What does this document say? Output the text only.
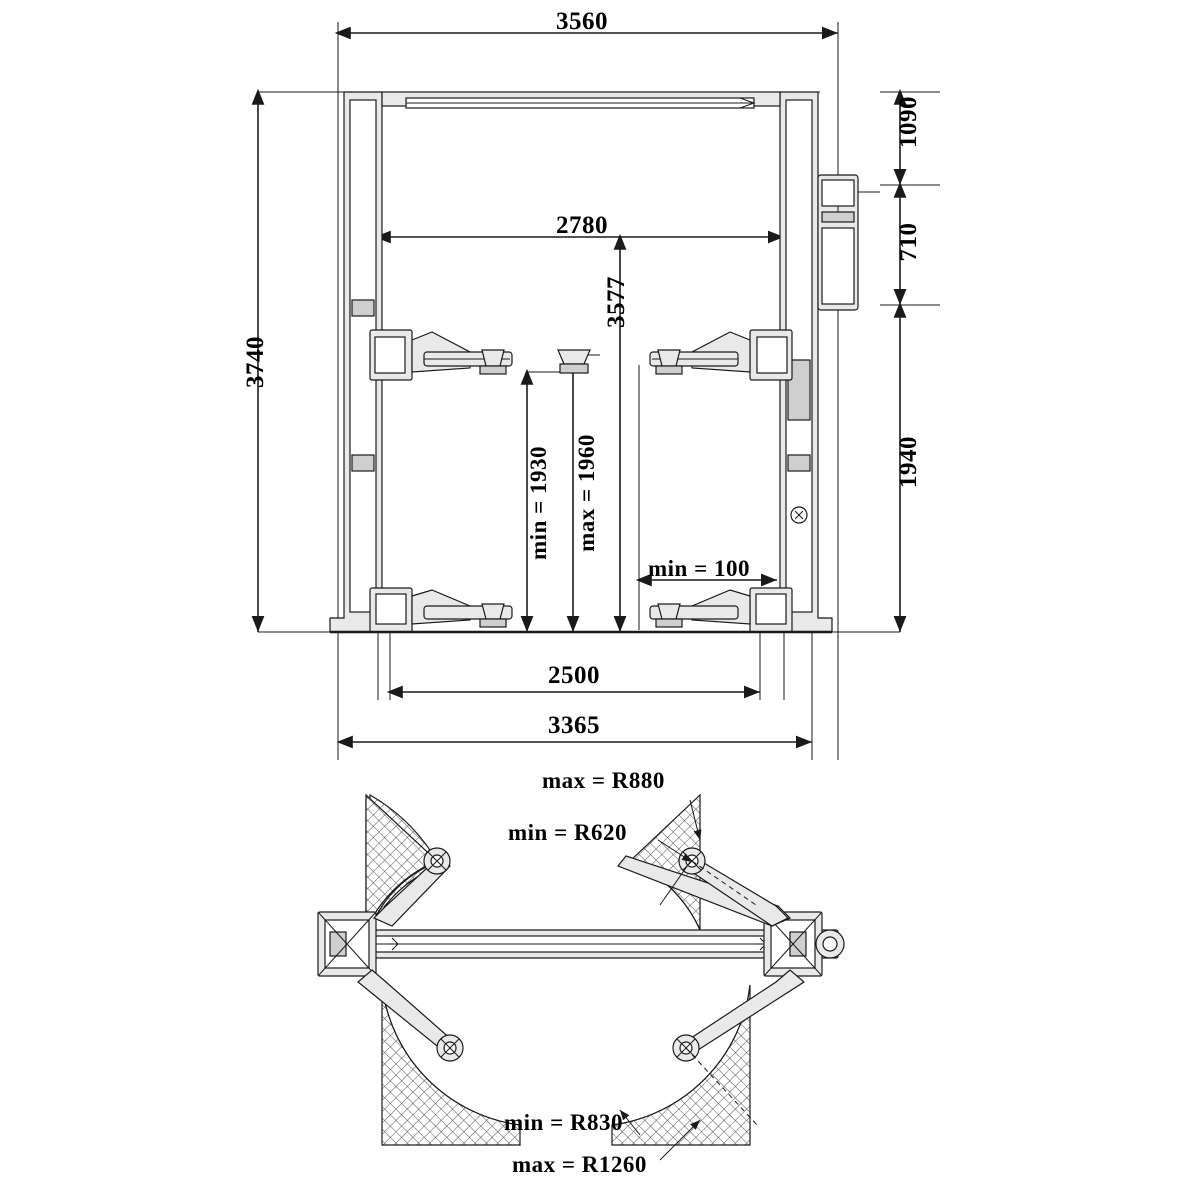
3560
2780
3740
3577
1090
710
1940
min = 1930 max = 1960
min = 100
2500
3365
max = R880
min = R620
min = R830
max = R1260
